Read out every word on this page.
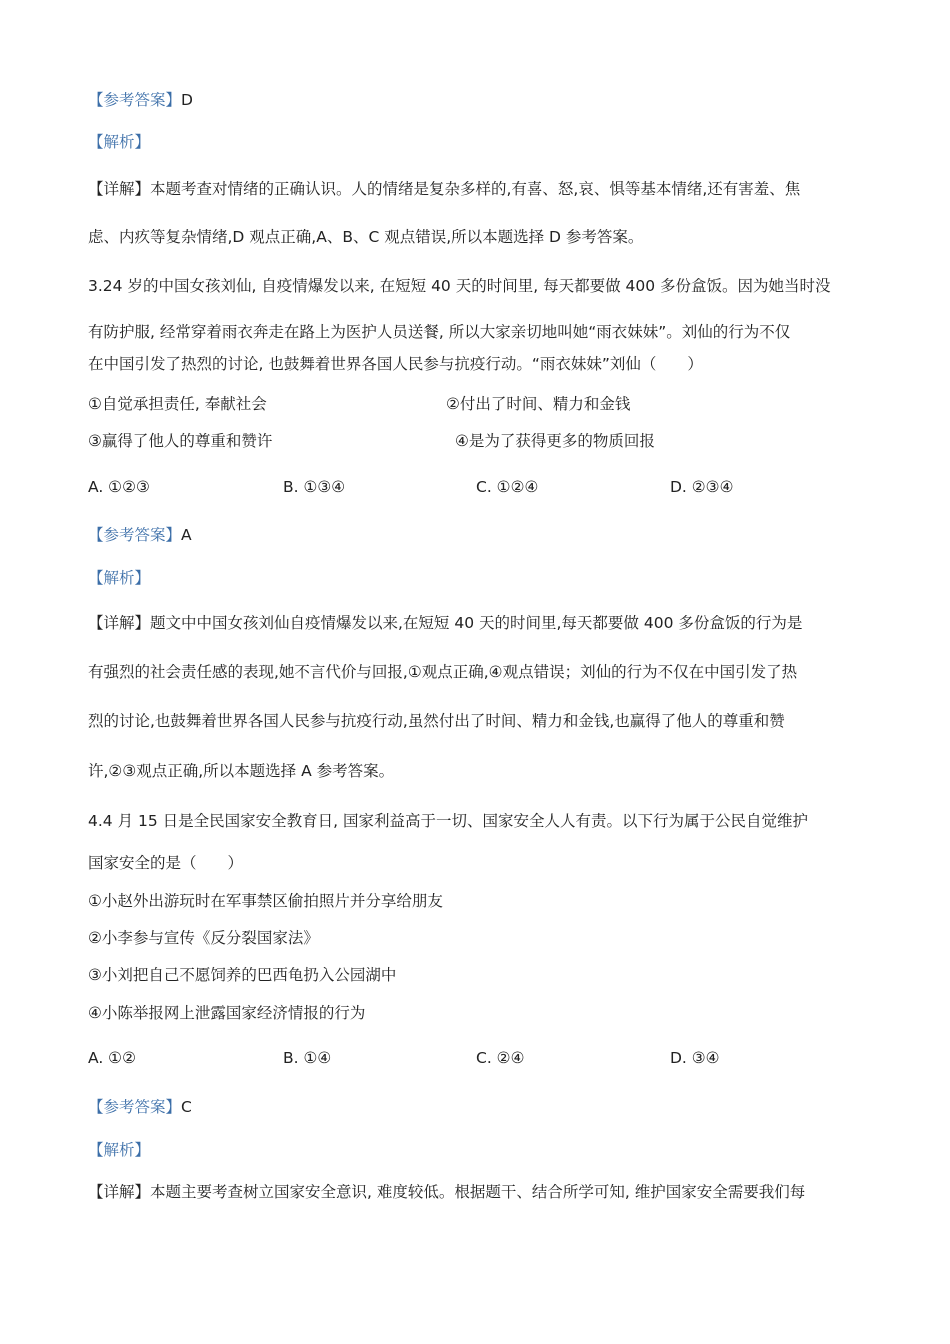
【参考答案】D
【解析】
【详解】本题考查对情绪的正确认识。人的情绪是复杂多样的,有喜、怒,哀、惧等基本情绪,还有害羞、焦
虑、内疚等复杂情绪,D 观点正确,A、B、C 观点错误,所以本题选择 D 参考答案。
3.24 岁的中国女孩刘仙, 自疫情爆发以来, 在短短 40 天的时间里, 每天都要做 400 多份盒饭。因为她当时没
有防护服, 经常穿着雨衣奔走在路上为医护人员送餐, 所以大家亲切地叫她“雨衣妹妹”。刘仙的行为不仅
在中国引发了热烈的讨论, 也鼓舞着世界各国人民参与抗疫行动。“雨衣妹妹”刘仙（　　）
①自觉承担责任, 奉献社会	②付出了时间、精力和金钱
③赢得了他人的尊重和赞许	④是为了获得更多的物质回报
A. ①②③	B. ①③④	C. ①②④	D. ②③④
【参考答案】A
【解析】
【详解】题文中中国女孩刘仙自疫情爆发以来,在短短 40 天的时间里,每天都要做 400 多份盒饭的行为是
有强烈的社会责任感的表现,她不言代价与回报,①观点正确,④观点错误；刘仙的行为不仅在中国引发了热
烈的讨论,也鼓舞着世界各国人民参与抗疫行动,虽然付出了时间、精力和金钱,也赢得了他人的尊重和赞
许,②③观点正确,所以本题选择 A 参考答案。
4.4 月 15 日是全民国家安全教育日, 国家利益高于一切、国家安全人人有责。以下行为属于公民自觉维护
国家安全的是（　　）
①小赵外出游玩时在军事禁区偷拍照片并分享给朋友
②小李参与宣传《反分裂国家法》
③小刘把自己不愿饲养的巴西龟扔入公园湖中
④小陈举报网上泄露国家经济情报的行为
A. ①②	B. ①④	C. ②④	D. ③④
【参考答案】C
【解析】
【详解】本题主要考查树立国家安全意识, 难度较低。根据题干、结合所学可知, 维护国家安全需要我们每
